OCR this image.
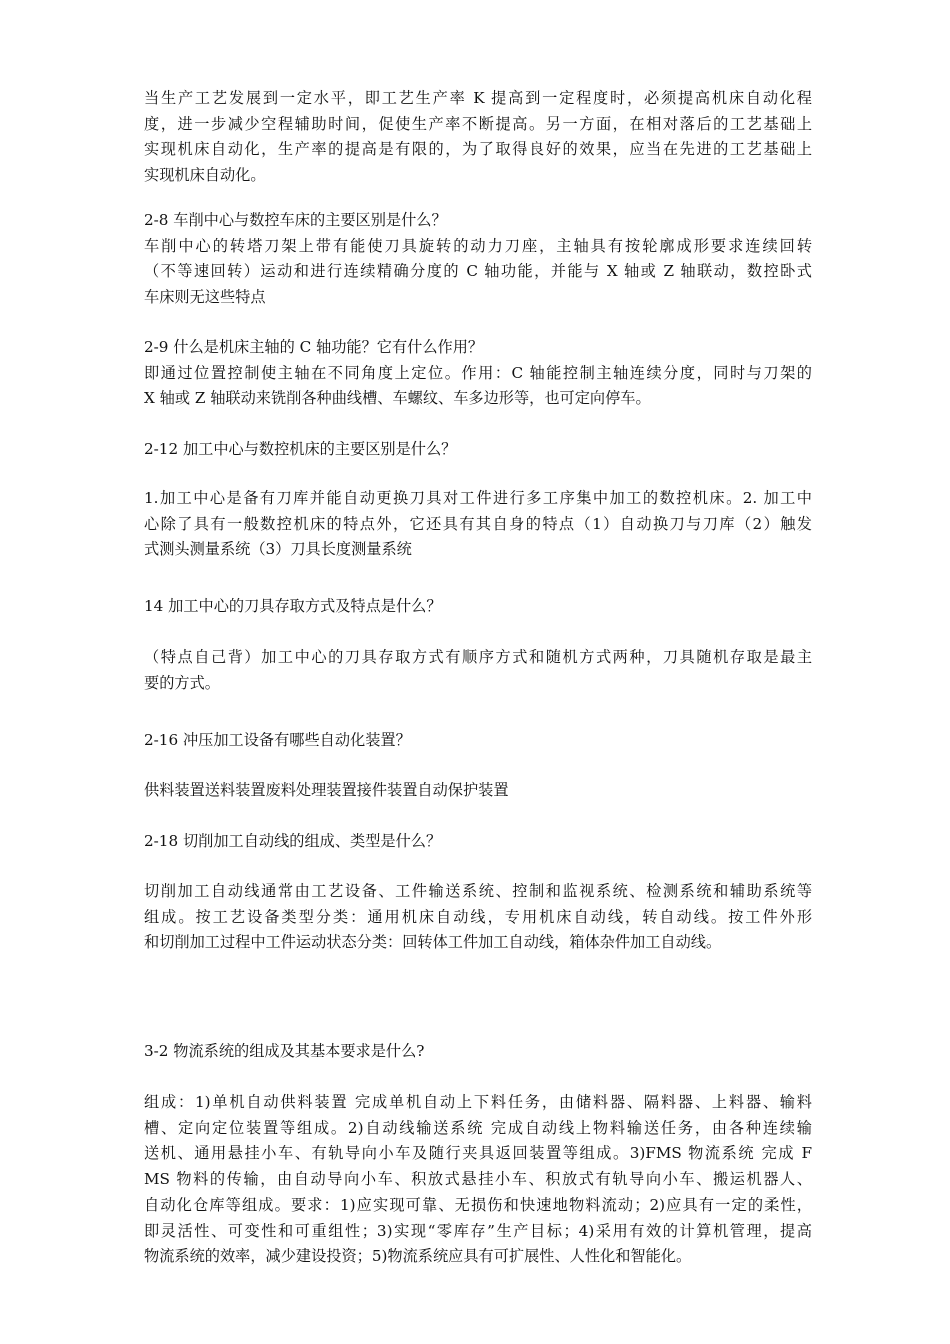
当生产工艺发展到一定水平，即工艺生产率 K 提高到一定程度时，必须提高机床自动化程
度，进一步减少空程辅助时间，促使生产率不断提高。另一方面，在相对落后的工艺基础上
实现机床自动化，生产率的提高是有限的，为了取得良好的效果，应当在先进的工艺基础上
实现机床自动化。

2-8 车削中心与数控车床的主要区别是什么？
车削中心的转塔刀架上带有能使刀具旋转的动力刀座，主轴具有按轮廓成形要求连续回转
（不等速回转）运动和进行连续精确分度的 C 轴功能，并能与 X 轴或 Z 轴联动，数控卧式
车床则无这些特点

2-9 什么是机床主轴的 C 轴功能？它有什么作用？
即通过位置控制使主轴在不同角度上定位。作用：C 轴能控制主轴连续分度，同时与刀架的
X 轴或 Z 轴联动来铣削各种曲线槽、车螺纹、车多边形等，也可定向停车。

2-12 加工中心与数控机床的主要区别是什么？

1.加工中心是备有刀库并能自动更换刀具对工件进行多工序集中加工的数控机床。2. 加工中
心除了具有一般数控机床的特点外，它还具有其自身的特点（1）自动换刀与刀库（2）触发
式测头测量系统（3）刀具长度测量系统

14 加工中心的刀具存取方式及特点是什么？

（特点自己背）加工中心的刀具存取方式有顺序方式和随机方式两种，刀具随机存取是最主
要的方式。

2-16 冲压加工设备有哪些自动化装置？

供料装置送料装置废料处理装置接件装置自动保护装置

2-18 切削加工自动线的组成、类型是什么？

切削加工自动线通常由工艺设备、工件输送系统、控制和监视系统、检测系统和辅助系统等
组成。按工艺设备类型分类：通用机床自动线，专用机床自动线，转自动线。按工件外形
和切削加工过程中工件运动状态分类：回转体工件加工自动线，箱体杂件加工自动线。

3-2 物流系统的组成及其基本要求是什么?

组成：1)单机自动供料装置 完成单机自动上下料任务，由储料器、隔料器、上料器、输料
槽、定向定位装置等组成。2)自动线输送系统 完成自动线上物料输送任务，由各种连续输
送机、通用悬挂小车、有轨导向小车及随行夹具返回装置等组成。3)FMS 物流系统 完成 F
MS 物料的传输，由自动导向小车、积放式悬挂小车、积放式有轨导向小车、搬运机器人、
自动化仓库等组成。要求：1)应实现可靠、无损伤和快速地物料流动；2)应具有一定的柔性，
即灵活性、可变性和可重组性；3)实现“零库存”生产目标；4)采用有效的计算机管理，提高
物流系统的效率，减少建设投资；5)物流系统应具有可扩展性、人性化和智能化。
